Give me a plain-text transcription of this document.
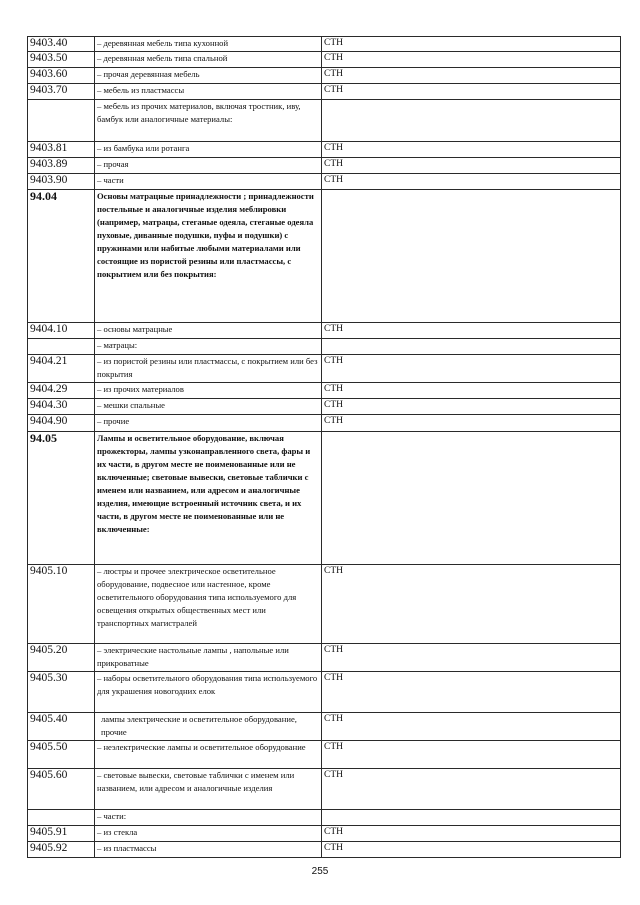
9403.40	– деревянная мебель типа кухонной	СТН
9403.50	– деревянная мебель типа спальной	СТН
9403.60	– прочая деревянная мебель	СТН
9403.70	– мебель из пластмассы	СТН
	– мебель из прочих материалов, включая тростник, иву, бамбук или аналогичные материалы:	
9403.81	– из бамбука или ротанга	СТН
9403.89	– прочая	СТН
9403.90	– части	СТН
94.04	Основы матрацные принадлежности ; принадлежности постельные и аналогичные изделия меблировки (например, матрацы, стеганые одеяла, стеганые одеяла пуховые, диванные подушки, пуфы и подушки) с пружинами или набитые любыми материалами или состоящие из пористой резины или пластмассы, с покрытием или без покрытия:	
9404.10	– основы матрацные	СТН
	– матрацы:	
9404.21	– из пористой резины или пластмассы, с покрытием или без покрытия	СТН
9404.29	– из прочих материалов	СТН
9404.30	– мешки спальные	СТН
9404.90	– прочие	СТН
94.05	Лампы и осветительное оборудование, включая прожекторы, лампы узконаправленного света, фары и их части, в другом месте не поименованные или не включенные; световые вывески, световые таблички с именем или названием, или адресом и аналогичные изделия, имеющие встроенный источник света, и их части, в другом месте не поименованные или не включенные:	
9405.10	– люстры и прочее электрическое осветительное оборудование, подвесное или настенное, кроме осветительного оборудования типа используемого для освещения открытых общественных мест или транспортных магистралей	СТН
9405.20	– электрические настольные лампы , напольные или прикроватные	СТН
9405.30	– наборы осветительного оборудования типа используемого для украшения новогодних елок	СТН
9405.40	лампы электрические и осветительное оборудование, прочие	СТН
9405.50	– неэлектрические лампы и осветительное оборудование	СТН
9405.60	– световые вывески, световые таблички с именем или названием, или адресом и аналогичные изделия	СТН
	– части:	
9405.91	– из стекла	СТН
9405.92	– из пластмассы	СТН
255
